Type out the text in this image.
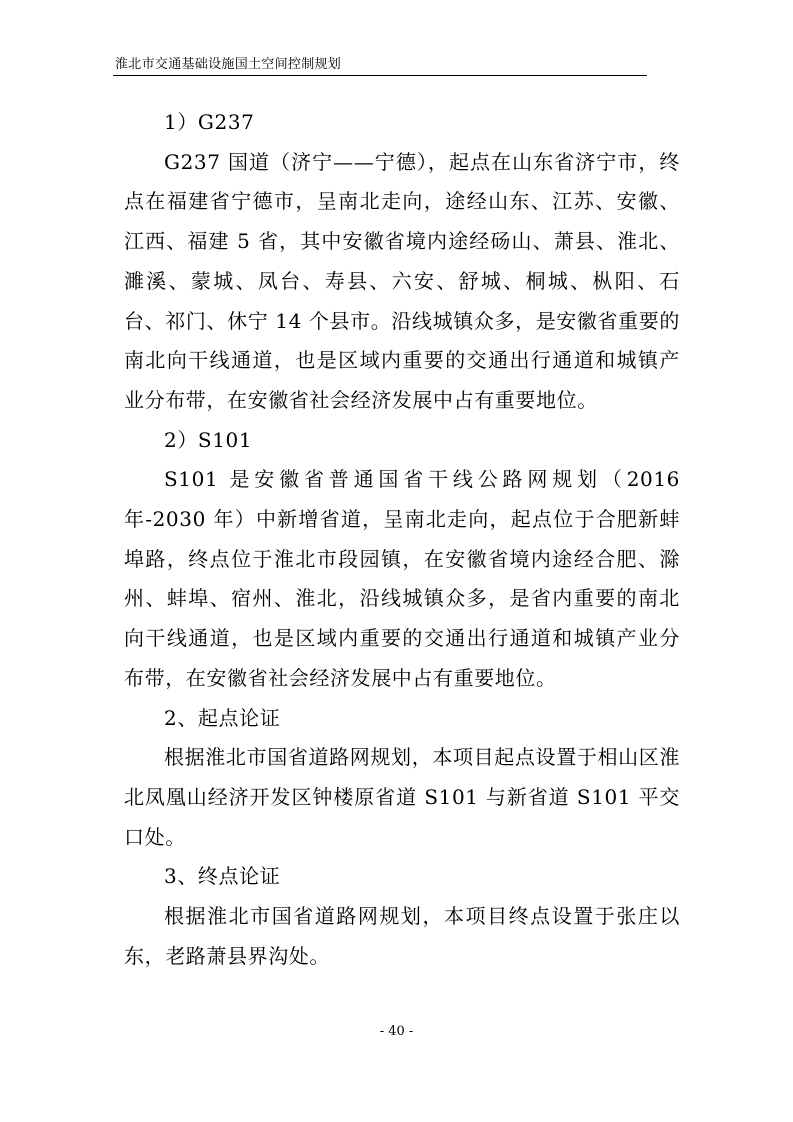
淮北市交通基础设施国土空间控制规划

1）G237

G237 国道（济宁——宁德），起点在山东省济宁市，终点在福建省宁德市，呈南北走向，途经山东、江苏、安徽、江西、福建 5 省，其中安徽省境内途经砀山、萧县、淮北、濉溪、蒙城、凤台、寿县、六安、舒城、桐城、枞阳、石台、祁门、休宁 14 个县市。沿线城镇众多，是安徽省重要的南北向干线通道，也是区域内重要的交通出行通道和城镇产业分布带，在安徽省社会经济发展中占有重要地位。

2）S101

S101 是安徽省普通国省干线公路网规划（2016 年-2030 年）中新增省道，呈南北走向，起点位于合肥新蚌埠路，终点位于淮北市段园镇，在安徽省境内途经合肥、滁州、蚌埠、宿州、淮北，沿线城镇众多，是省内重要的南北向干线通道，也是区域内重要的交通出行通道和城镇产业分布带，在安徽省社会经济发展中占有重要地位。

2、起点论证

根据淮北市国省道路网规划，本项目起点设置于相山区淮北凤凰山经济开发区钟楼原省道 S101 与新省道 S101 平交口处。

3、终点论证

根据淮北市国省道路网规划，本项目终点设置于张庄以东，老路萧县界沟处。

- 40 -
